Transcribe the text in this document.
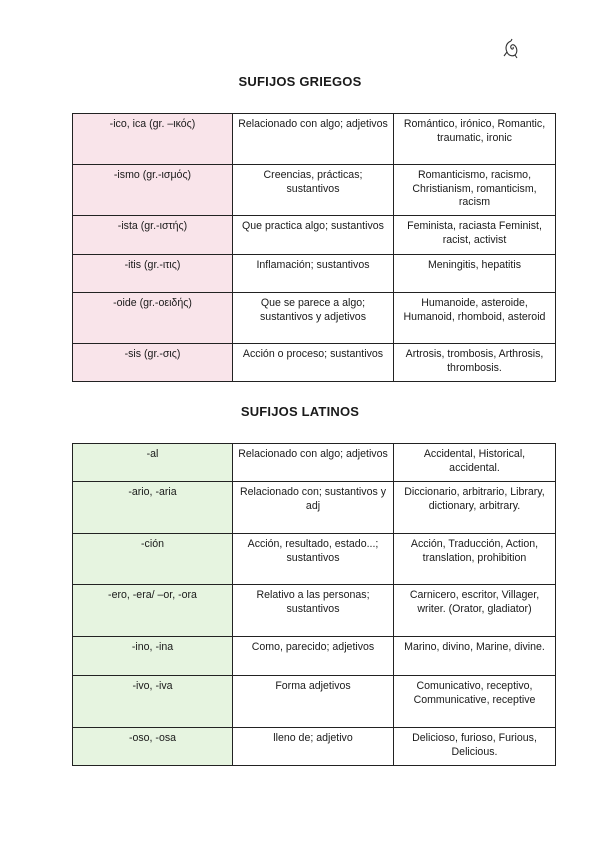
SUFIJOS GRIEGOS
-ico, ica (gr. –ικός)	Relacionado con algo; adjetivos	Romántico, irónico, Romantic, traumatic, ironic
-ismo (gr.-ισμός)	Creencias, prácticas; sustantivos	Romanticismo, racismo, Christianism, romanticism, racism
-ista (gr.-ιστής)	Que practica algo; sustantivos	Feminista, raciasta Feminist, racist, activist
-itis (gr.-ιτις)	Inflamación; sustantivos	Meningitis, hepatitis
-oide (gr.-οειδής)	Que se parece a algo; sustantivos y adjetivos	Humanoide, asteroide, Humanoid, rhomboid, asteroid
-sis (gr.-σις)	Acción o proceso; sustantivos	Artrosis, trombosis, Arthrosis, thrombosis.
SUFIJOS LATINOS
-al	Relacionado con algo; adjetivos	Accidental, Historical, accidental.
-ario, -aria	Relacionado con; sustantivos y adj	Diccionario, arbitrario, Library, dictionary, arbitrary.
-ción	Acción, resultado, estado...; sustantivos	Acción, Traducción, Action, translation, prohibition
-ero, -era/ –or, -ora	Relativo a las personas; sustantivos	Carnicero, escritor, Villager, writer. (Orator, gladiator)
-ino, -ina	Como, parecido; adjetivos	Marino, divino, Marine, divine.
-ivo, -iva	Forma adjetivos	Comunicativo, receptivo, Communicative, receptive
-oso, -osa	lleno de; adjetivo	Delicioso, furioso, Furious, Delicious.
